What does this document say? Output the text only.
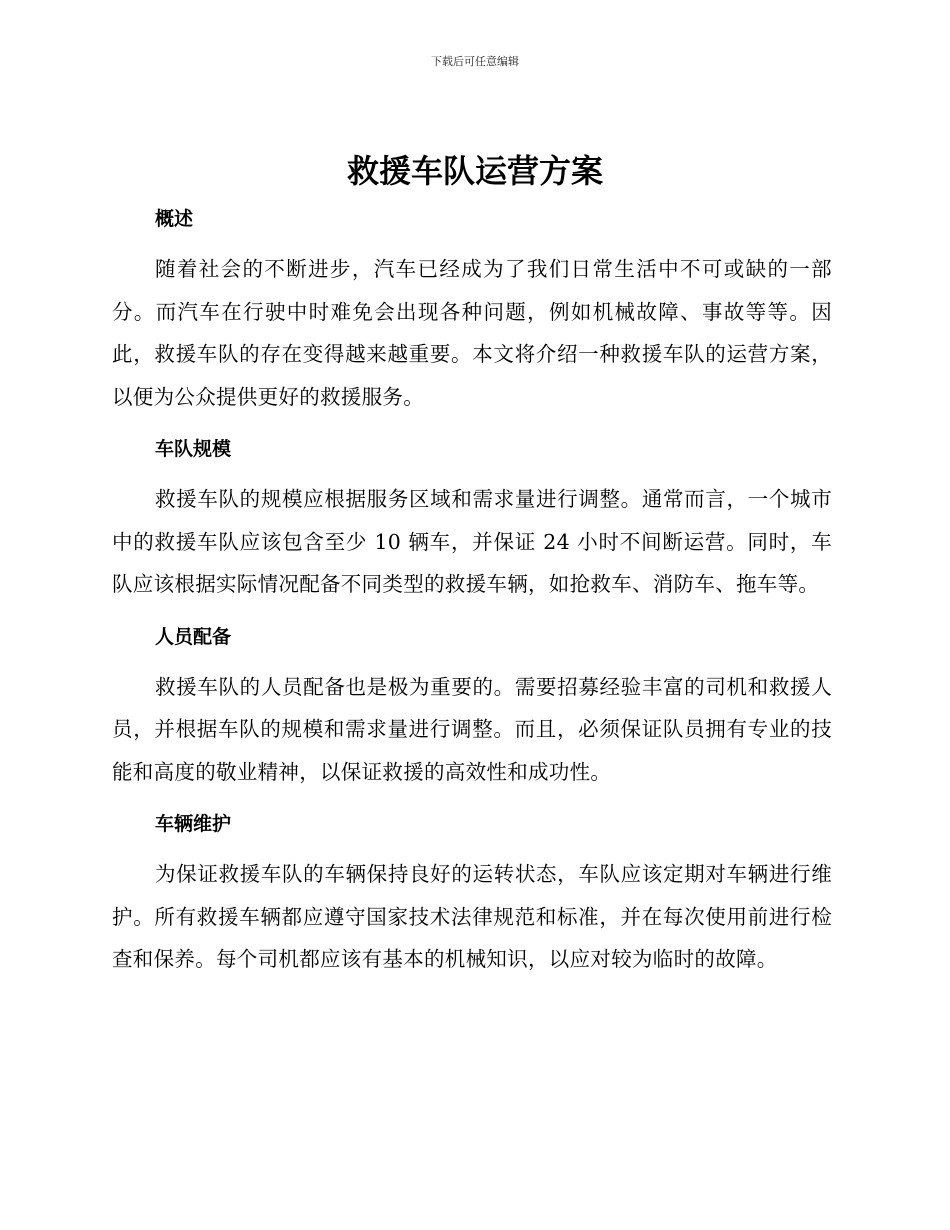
下载后可任意编辑
救援车队运营方案
概述

随着社会的不断进步，汽车已经成为了我们日常生活中不可或缺的一部分。而汽车在行驶中时难免会出现各种问题，例如机械故障、事故等等。因此，救援车队的存在变得越来越重要。本文将介绍一种救援车队的运营方案，以便为公众提供更好的救援服务。

车队规模

救援车队的规模应根据服务区域和需求量进行调整。通常而言，一个城市中的救援车队应该包含至少 10 辆车，并保证 24 小时不间断运营。同时，车队应该根据实际情况配备不同类型的救援车辆，如抢救车、消防车、拖车等。

人员配备

救援车队的人员配备也是极为重要的。需要招募经验丰富的司机和救援人员，并根据车队的规模和需求量进行调整。而且，必须保证队员拥有专业的技能和高度的敬业精神，以保证救援的高效性和成功性。

车辆维护

为保证救援车队的车辆保持良好的运转状态，车队应该定期对车辆进行维护。所有救援车辆都应遵守国家技术法律规范和标准，并在每次使用前进行检查和保养。每个司机都应该有基本的机械知识，以应对较为临时的故障。
